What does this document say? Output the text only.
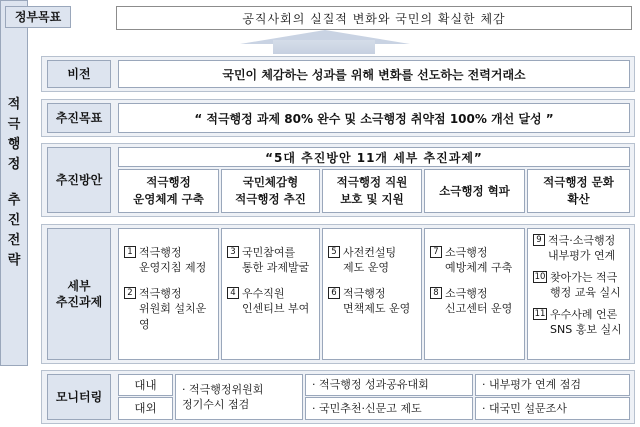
정부목표	공직사회의 실질적 변화와 국민의 확실한 체감
적
극
행
정
추
진
전
략
비전	국민이 체감하는 성과를 위해 변화를 선도하는 전력거래소
추진목표	“ 적극행정 과제 80% 완수 및 소극행정 취약점 100% 개선 달성 ”
추진방안
“5대 추진방안 11개 세부 추진과제”
적극행정
운영체계 구축
국민체감형
적극행정 추진
적극행정 직원
보호 및 지원
소극행정 혁파
적극행정 문화
확산
세부
추진과제
1 적극행정
운영지침 제정
2 적극행정
위원회 설치운영
3 국민참여를
통한 과제발굴
4 우수직원
인센티브 부여
5 사전컨설팅
제도 운영
6 적극행정
면책제도 운영
7 소극행정
예방체계 구축
8 소극행정
신고센터 운영
9 적극·소극행정
내부평가 연계
10 찾아가는 적극
행정 교육 실시
11 우수사례 언론
SNS 홍보 실시
모니터링
대내
대외
· 적극행정위원회
정기수시 점검
· 적극행정 성과공유대회	· 내부평가 연계 점검
· 국민추천·신문고 제도	· 대국민 설문조사
